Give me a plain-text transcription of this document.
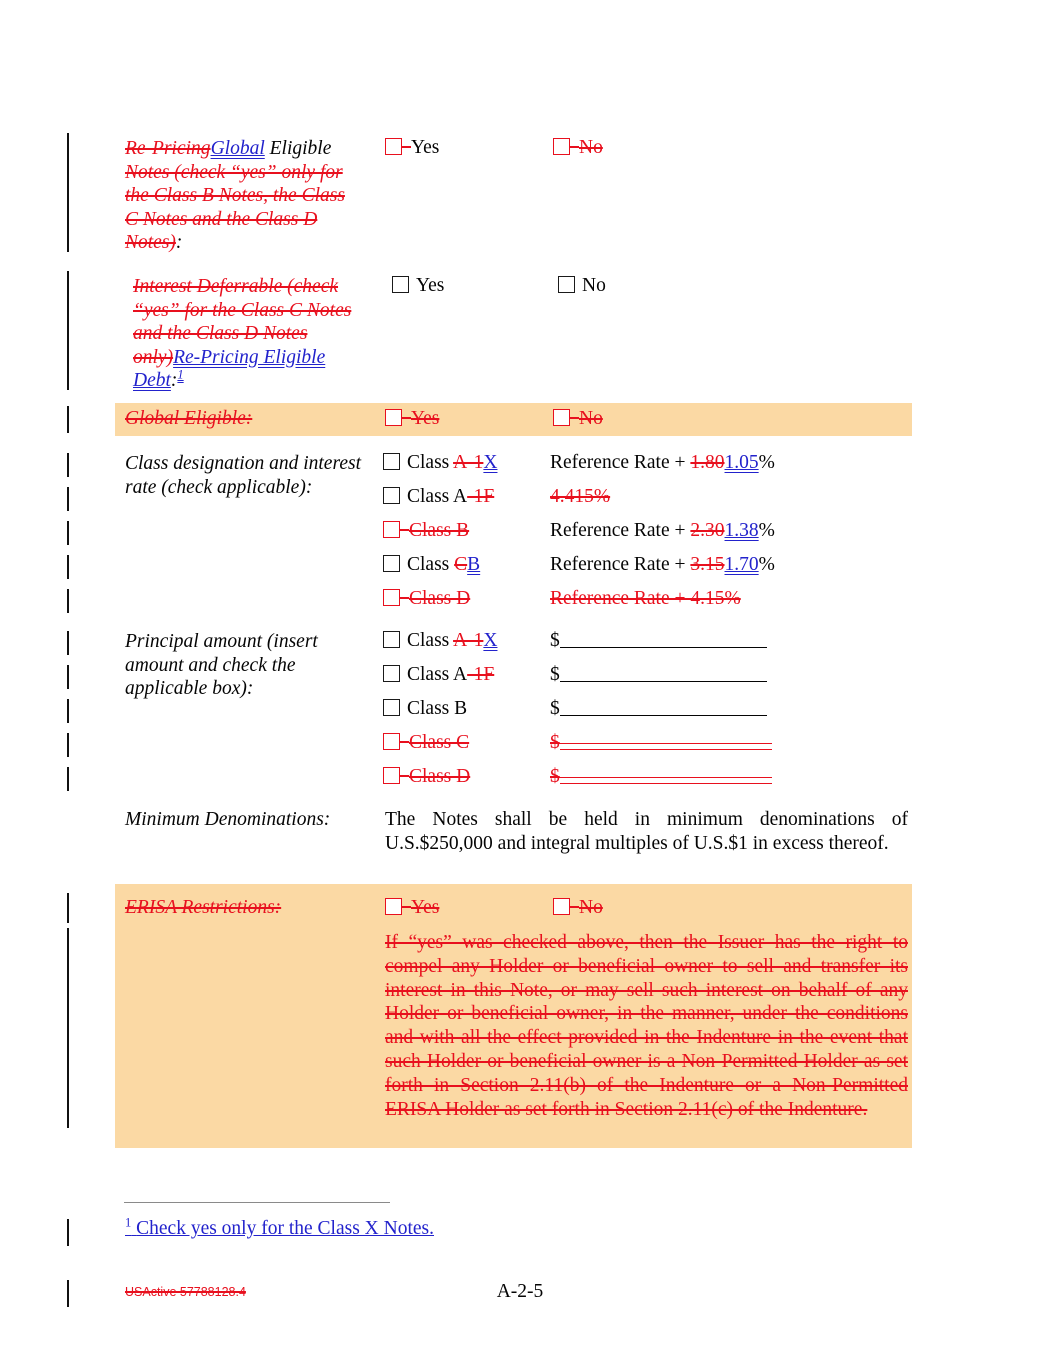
Re-PricingGlobal Eligible Notes (check “yes” only for the Class B Notes, the Class C Notes and the Class D Notes):
Yes	No
Interest Deferrable (check “yes” for the Class C Notes and the Class D Notes only)Re-Pricing Eligible Debt:$^1$
Yes	No
Global Eligible:	Yes	No
Class designation and interest rate (check applicable):
Class A-1X	Reference Rate + 1.801.05%
Class A-1F	4.415%
Class B	Reference Rate + 2.301.38%
Class CB	Reference Rate + 3.151.70%
Class D	Reference Rate + 4.15%
Principal amount (insert amount and check the applicable box):
Class A-1X	$
Class A-1F	$
Class B	$
Class C	$
Class D	$
Minimum Denominations:	The Notes shall be held in minimum denominations of U.S.$250,000 and integral multiples of U.S.$1 in excess thereof.
ERISA Restrictions:	Yes	No
If “yes” was checked above, then the Issuer has the right to compel any Holder or beneficial owner to sell and transfer its interest in this Note, or may sell such interest on behalf of any Holder or beneficial owner, in the manner, under the conditions and with all the effect provided in the Indenture in the event that such Holder or beneficial owner is a Non-Permitted Holder as set forth in Section 2.11(b) of the Indenture or a Non-Permitted ERISA Holder as set forth in Section 2.11(c) of the Indenture.
$^1$ Check yes only for the Class X Notes.
USActive 57788128.4	A-2-5
